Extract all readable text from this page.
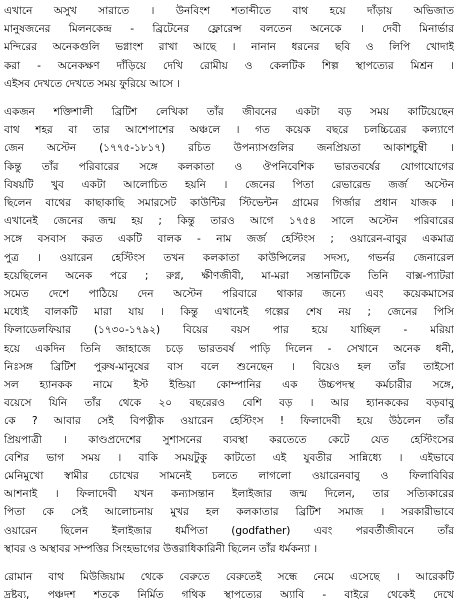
এখানে অসুখ সারাতে । উনবিংশ শতাব্দীতে বাথ হয়ে দাঁড়ায় অভিজাত
মানুষজনের মিলনকেন্দ্র - ব্রিটেনের ফ্লোরেন্স বলতেন অনেকে । দেবী মিনার্ভার
মন্দিরের অনেকগুলি ভগ্নাংশ রাখা আছে । নানান ধরনের ছবি ও লিপি খোদাই
করা - অনেকক্ষণ দাঁড়িয়ে দেখি রোমীয় ও কেলটিক শিল্প স্থাপত্যের মিশ্রন ।
এইসব দেখতে দেখতে সময় ফুরিয়ে আসে ।
একজন শক্তিশালী ব্রিটিশ লেখিকা তাঁর জীবনের একটা বড় সময় কাটিয়েছেন
বাথ শহর বা তার আশেপাশের অঞ্চলে । গত কয়েক বছরে চলচ্চিত্রের কল্যাণে
জেন অস্টেন (১৭৭৫-১৮১৭) রচিত উপন্যাসগুলির জনপ্রিয়তা আকাশচুম্বী ।
কিন্তু তাঁর পরিবারের সঙ্গে কলকাতা ও ঔপনিবেশিক ভারতবর্ষের যোগাযোগের
বিষয়টি খুব একটা আলোচিত হয়নি । জেনের পিতা রেভারেন্ড জর্জ অস্টেন
ছিলেন বাথের কাছাকাছি সমারসেট কাউন্টির স্টিভেন্টন গ্রামের গির্জার প্রধান যাজক ।
এখানেই জেনের জন্ম হয় ; কিন্তু তারও আগে ১৭৫৪ সালে অস্টেন পরিবারের
সঙ্গে বসবাস করত একটি বালক - নাম জর্জ হেস্টিংস ; ওয়ারেন-বাবুর একমাত্র
পুত্র । ওয়ারেন হেস্টিংস তখন কলকাতা কাউন্সিলের সদস্য, গভর্নর জেনারেল
হয়েছিলেন অনেক পরে ; রুগ্ন, ক্ষীণজীবী, মা-মরা সন্তানটিকে তিনি বাক্স-প্যাটরা
সমেত দেশে পাঠিয়ে দেন অস্টেন পরিবারে থাকার জন্যে এবং কয়েকমাসের
মধ্যেই বালকটি মারা যায় । কিন্তু এখানেই গল্পের শেষ নয় ; জেনের পিসি
ফিলাডেলফিয়ার (১৭৩০-১৭৯২) বিয়ের বয়স পার হয়ে যাচ্ছিল - মরিয়া
হয়ে একদিন তিনি জাহাজে চড়ে ভারতবর্ষ পাড়ি দিলেন - সেখানে অনেক ধনী,
নিঃসঙ্গ ব্রিটিশ পুরুষ-মানুষের বাস বলে শুনেছেন । বিয়েও হল তাঁর তাইসো
সল হ্যানকক নামে ইস্ট ইন্ডিয়া কোম্পানির এক উচ্চপদস্থ কর্মচারীর সঙ্গে,
বয়েসে যিনি তাঁর থেকে ২০ বছরেরও বেশি বড় । আর হ্যানককের বড়বাবু
কে ? আবার সেই বিপত্নীক ওয়ারেন হেস্টিংস ! ফিলাদেবী হয়ে উঠলেন তাঁর
প্রিয়পাত্রী । কাণ্ডপ্রদেশের সুশাসনের ব্যবস্থা করতেতে কেটে যেত হেস্টিংসের
বেশির ভাগ সময় । বাকি সময়টুকু কাটতো এই যুবতীর সান্নিধ্যে । এইভাবে
মেনিমুখো স্বামীর চোখের সামনেই চলতে লাগলো ওয়ারেনবাবু ও ফিলাবিবির
আশনাই । ফিলাদেবী যখন কন্যাসন্তান ইলাইজার জন্ম দিলেন, তার সত্যিকারের
পিতা কে সেই আলোচনায় মুখর হল কলকাতার ব্রিটিশ সমাজ । সরকারীভাবে
ওয়ারেন ছিলেন ইলাইজার ধর্মপিতা (godfather) এবং পরবর্তীজীবনে তাঁর
স্থাবর ও অস্থাবর সম্পত্তির সিংহভাগের উত্তরাধিকারিনী ছিলেন তাঁর ধর্মকন্যা ।
রোমান বাথ মিউজিয়াম থেকে বেরুতে বেরুতেই সন্ধে নেমে এসেছে । আরেকটি
দ্রষ্টব্য, পঞ্চদশ শতকে নির্মিত গথিক স্থাপত্যের অ্যাবি - বাইরে থেকেই দেখে
